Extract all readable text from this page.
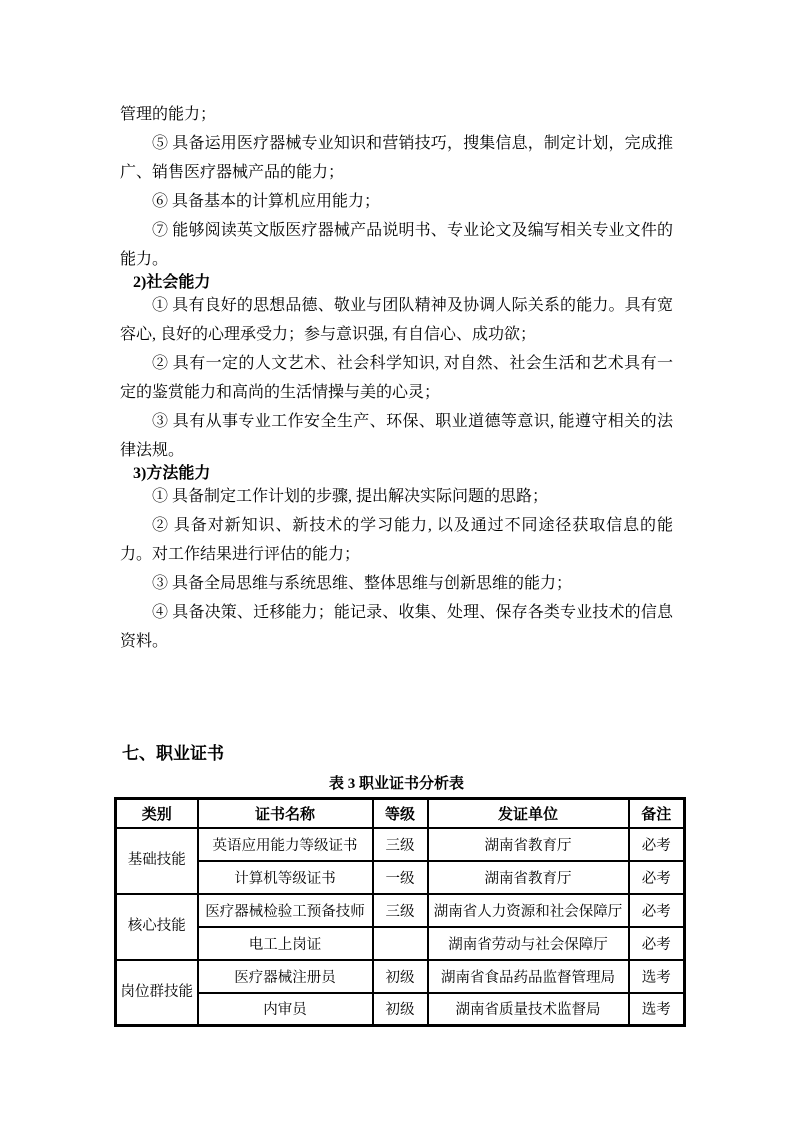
管理的能力；
⑤ 具备运用医疗器械专业知识和营销技巧，搜集信息，制定计划，完成推广、销售医疗器械产品的能力；
⑥ 具备基本的计算机应用能力；
⑦ 能够阅读英文版医疗器械产品说明书、专业论文及编写相关专业文件的能力。
2)社会能力
① 具有良好的思想品德、敬业与团队精神及协调人际关系的能力。具有宽容心, 良好的心理承受力；参与意识强, 有自信心、成功欲；
② 具有一定的人文艺术、社会科学知识, 对自然、社会生活和艺术具有一定的鉴赏能力和高尚的生活情操与美的心灵；
③ 具有从事专业工作安全生产、环保、职业道德等意识, 能遵守相关的法律法规。
3)方法能力
① 具备制定工作计划的步骤, 提出解决实际问题的思路；
② 具备对新知识、新技术的学习能力, 以及通过不同途径获取信息的能力。对工作结果进行评估的能力；
③ 具备全局思维与系统思维、整体思维与创新思维的能力；
④ 具备决策、迁移能力；能记录、收集、处理、保存各类专业技术的信息资料。
七、职业证书
表 3 职业证书分析表
类别	证书名称	等级	发证单位	备注
基础技能	英语应用能力等级证书	三级	湖南省教育厅	必考
	计算机等级证书	一级	湖南省教育厅	必考
核心技能	医疗器械检验工预备技师	三级	湖南省人力资源和社会保障厅	必考
	电工上岗证		湖南省劳动与社会保障厅	必考
岗位群技能	医疗器械注册员	初级	湖南省食品药品监督管理局	选考
	内审员	初级	湖南省质量技术监督局	选考
